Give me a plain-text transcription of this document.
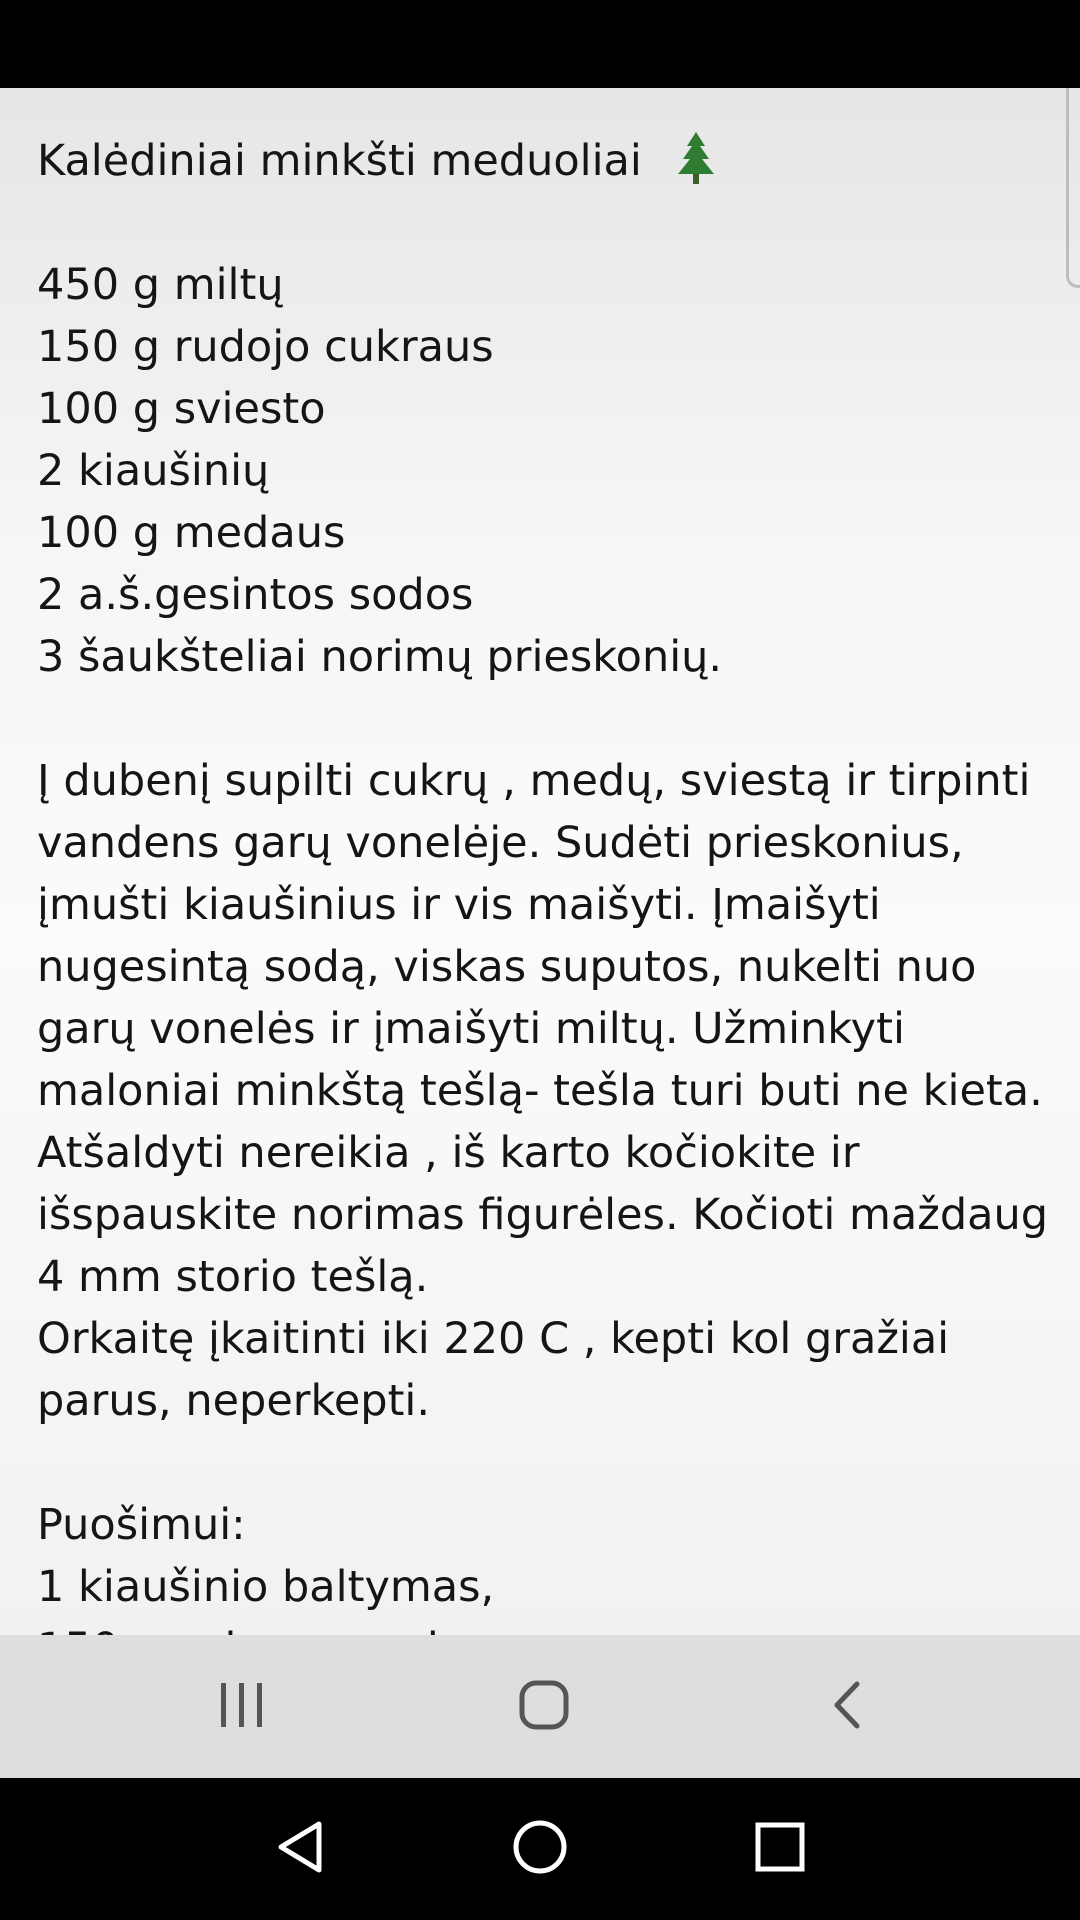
Kalėdiniai minkšti meduoliai
450 g miltų
150 g rudojo cukraus
100 g sviesto
2 kiaušinių
100 g medaus
2 a.š.gesintos sodos
3 šaukšteliai norimų prieskonių.
Į dubenį supilti cukrų , medų, sviestą ir tirpinti
vandens garų vonelėje. Sudėti prieskonius,
įmušti kiaušinius ir vis maišyti. Įmaišyti
nugesintą sodą, viskas suputos, nukelti nuo
garų vonelės ir įmaišyti miltų. Užminkyti
maloniai minkštą tešlą- tešla turi buti ne kieta.
Atšaldyti nereikia , iš karto kočiokite ir
išspauskite norimas figurėles. Kočioti maždaug
4 mm storio tešlą.
Orkaitę įkaitinti iki 220 C , kepti kol gražiai
parus, neperkepti.
Puošimui:
1 kiaušinio baltymas,
